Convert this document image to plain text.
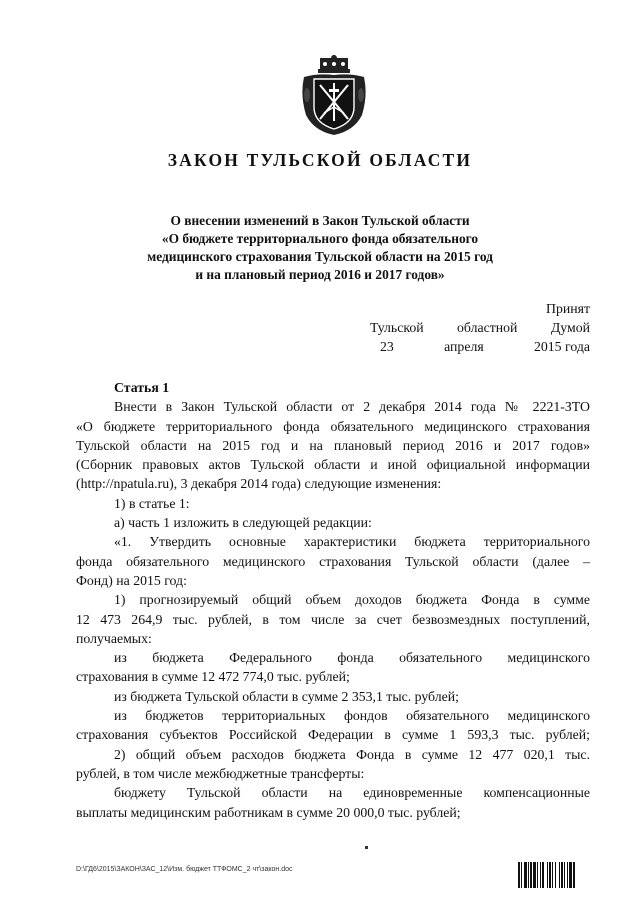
ЗАКОН ТУЛЬСКОЙ ОБЛАСТИ
О внесении изменений в Закон Тульской области
«О бюджете территориального фонда обязательного
медицинского страхования Тульской области на 2015 год
и на плановый период 2016 и 2017 годов»
Принят
Тульской областной Думой
23	апреля	2015 года
Статья 1
Внести в Закон Тульской области от 2 декабря 2014 года № 2221-ЗТО
«О бюджете территориального фонда обязательного медицинского страхования
Тульской области на 2015 год и на плановый период 2016 и 2017 годов»
(Сборник правовых актов Тульской области и иной официальной информации
(http://npatula.ru), 3 декабря 2014 года) следующие изменения:
1) в статье 1:
а) часть 1 изложить в следующей редакции:
«1. Утвердить основные характеристики бюджета территориального
фонда обязательного медицинского страхования Тульской области (далее –
Фонд) на 2015 год:
1) прогнозируемый общий объем доходов бюджета Фонда в сумме
12 473 264,9 тыс. рублей, в том числе за счет безвозмездных поступлений,
получаемых:
из бюджета Федерального фонда обязательного медицинского
страхования в сумме 12 472 774,0 тыс. рублей;
из бюджета Тульской области в сумме 2 353,1 тыс. рублей;
из бюджетов территориальных фондов обязательного медицинского
страхования субъектов Российской Федерации в сумме 1 593,3 тыс. рублей;
2) общий объем расходов бюджета Фонда в сумме 12 477 020,1 тыс.
рублей, в том числе межбюджетные трансферты:
бюджету Тульской области на единовременные компенсационные
выплаты медицинским работникам в сумме 20 000,0 тыс. рублей;
D:\ГД6\2015\ЗАКОН\ЗАС_12\Изм. бюджет ТТФОМС_2 чт\закон.doc
